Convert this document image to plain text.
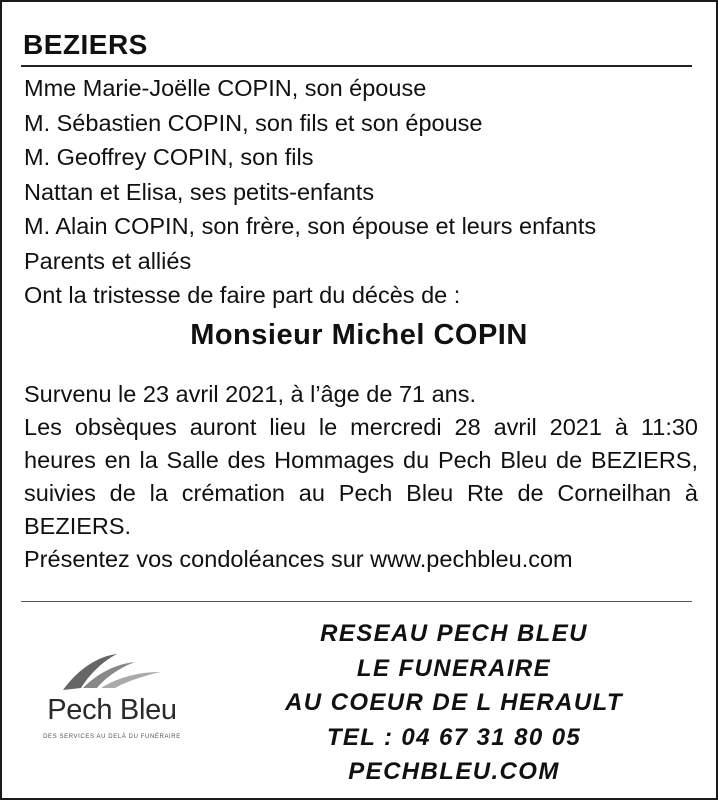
BEZIERS
Mme Marie-Joëlle COPIN, son épouse
M. Sébastien COPIN, son fils et son épouse
M. Geoffrey COPIN, son fils
Nattan et Elisa, ses petits-enfants
M. Alain COPIN, son frère, son épouse et leurs enfants
Parents et alliés
Ont la tristesse de faire part du décès de :
Monsieur Michel COPIN

Survenu le 23 avril 2021, à l’âge de 71 ans.

Les obsèques auront lieu le mercredi 28 avril 2021 à 11:30 heures en la Salle des Hommages du Pech Bleu de BEZIERS, suivies de la crémation au Pech Bleu Rte de Corneilhan à BEZIERS.

Présentez vos condoléances sur www.pechbleu.com

Pech Bleu
DES SERVICES AU DELÀ DU FUNÉRAIRE
RESEAU PECH BLEU
LE FUNERAIRE
AU COEUR DE L HERAULT
TEL : 04 67 31 80 05
PECHBLEU.COM
